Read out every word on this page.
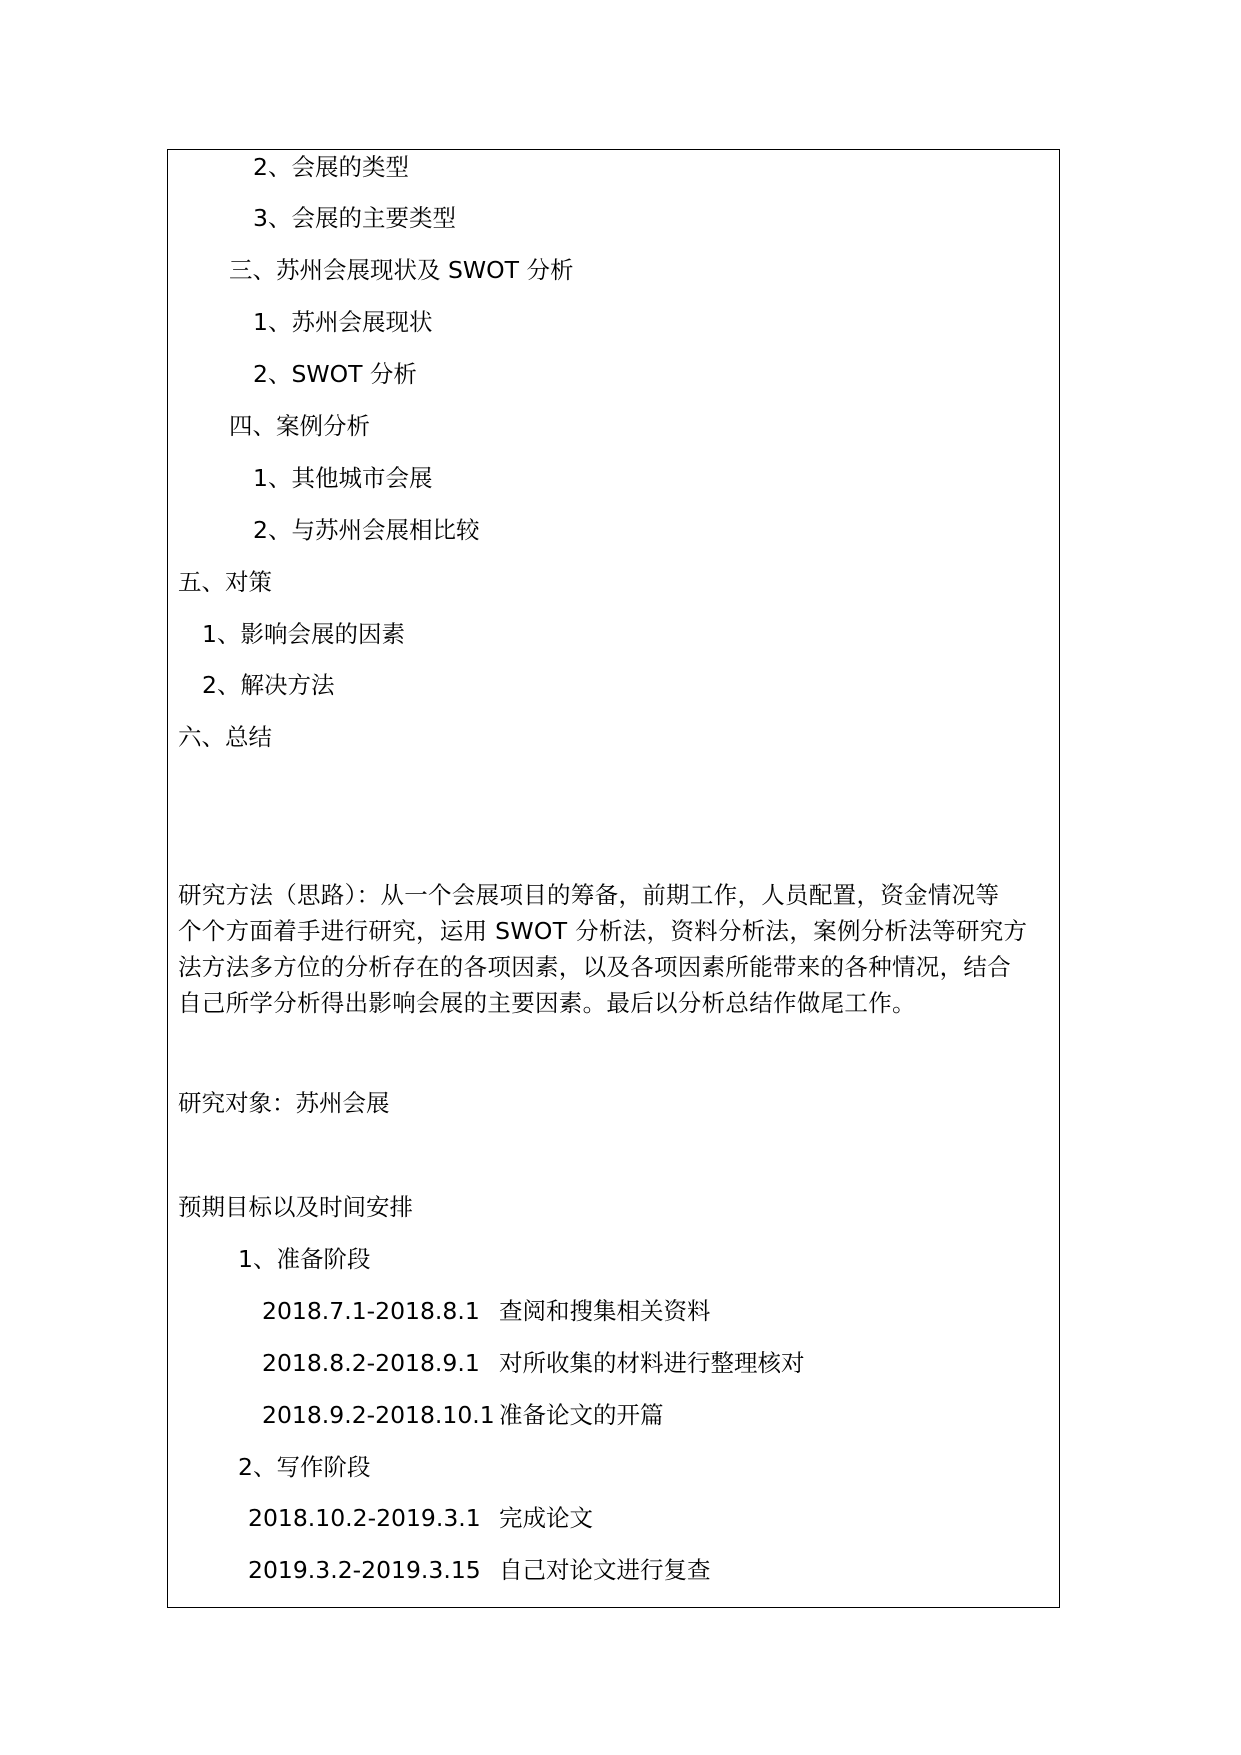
2、会展的类型
3、会展的主要类型
三、苏州会展现状及 SWOT 分析
1、苏州会展现状
2、SWOT 分析
四、案例分析
1、其他城市会展
2、与苏州会展相比较
五、对策
1、影响会展的因素
2、解决方法
六、总结
研究方法（思路）：从一个会展项目的筹备，前期工作，人员配置，资金情况等
个个方面着手进行研究，运用 SWOT 分析法，资料分析法，案例分析法等研究方
法方法多方位的分析存在的各项因素，以及各项因素所能带来的各种情况，结合
自己所学分析得出影响会展的主要因素。最后以分析总结作做尾工作。
研究对象：苏州会展
预期目标以及时间安排
1、准备阶段
2018.7.1-2018.8.1 查阅和搜集相关资料
2018.8.2-2018.9.1 对所收集的材料进行整理核对
2018.9.2-2018.10.1 准备论文的开篇
2、写作阶段
2018.10.2-2019.3.1 完成论文
2019.3.2-2019.3.15 自己对论文进行复查
